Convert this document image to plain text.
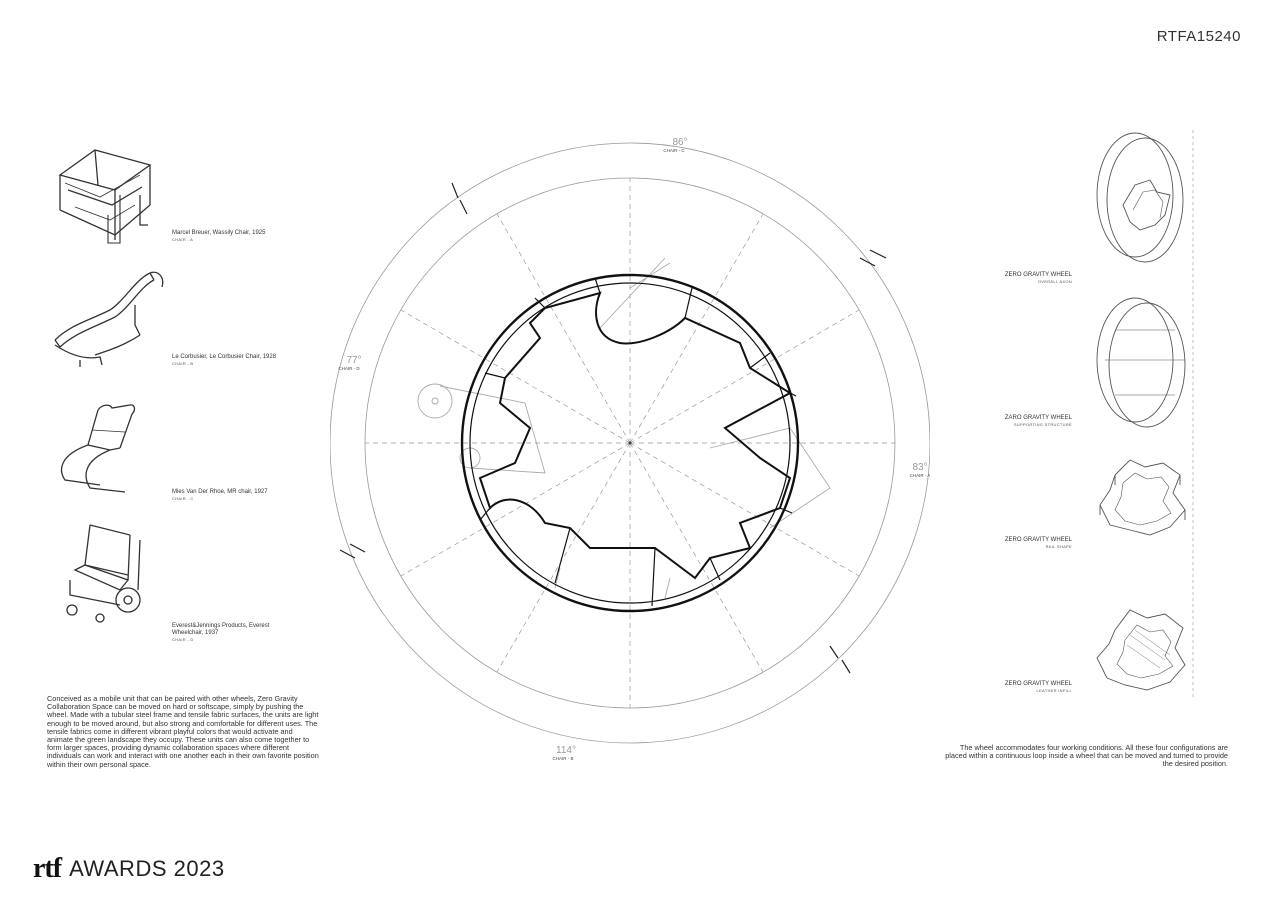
RTFA15240
Marcel Breuer, Wassily Chair, 1925
CHAIR - A
Le Corbusier, Le Corbusier Chair, 1928
CHAIR - B
Mies Van Der Rhoe, MR chair, 1927
CHAIR - C
Everest&Jennings Products, Everest Wheelchair, 1937
CHAIR - D
Conceived as a mobile unit that can be paired with other wheels, Zero Gravity Collaboration Space can be moved on hard or softscape, simply by pushing the wheel. Made with a tubular steel frame and tensile fabric surfaces, the units are light enough to be moved around, but also strong and comfortable for different uses. The tensile fabrics come in different vibrant playful colors that would activate and animate the green landscape they occupy. These units can also come together to form larger spaces, providing dynamic collaboration spaces where different individuals can work and interact with one another each in their own favorite position within their own personal space.
86°
CHAIR - C
77°
CHAIR - D
83°
CHAIR - A
114°
CHAIR - B
ZERO GRAVITY WHEEL
OVERALL AXON
ZARO GRAVITY WHEEL
SUPPORTING STRUCTURE
ZERO GRAVITY WHEEL
RAIL SHAPE
ZERO GRAVITY WHEEL
LEATHER INFILL
The wheel accommodates four working conditions. All these four configurations are placed within a continuous loop inside a wheel that can be moved and turned to provide the desired position.
rtf AWARDS 2023
